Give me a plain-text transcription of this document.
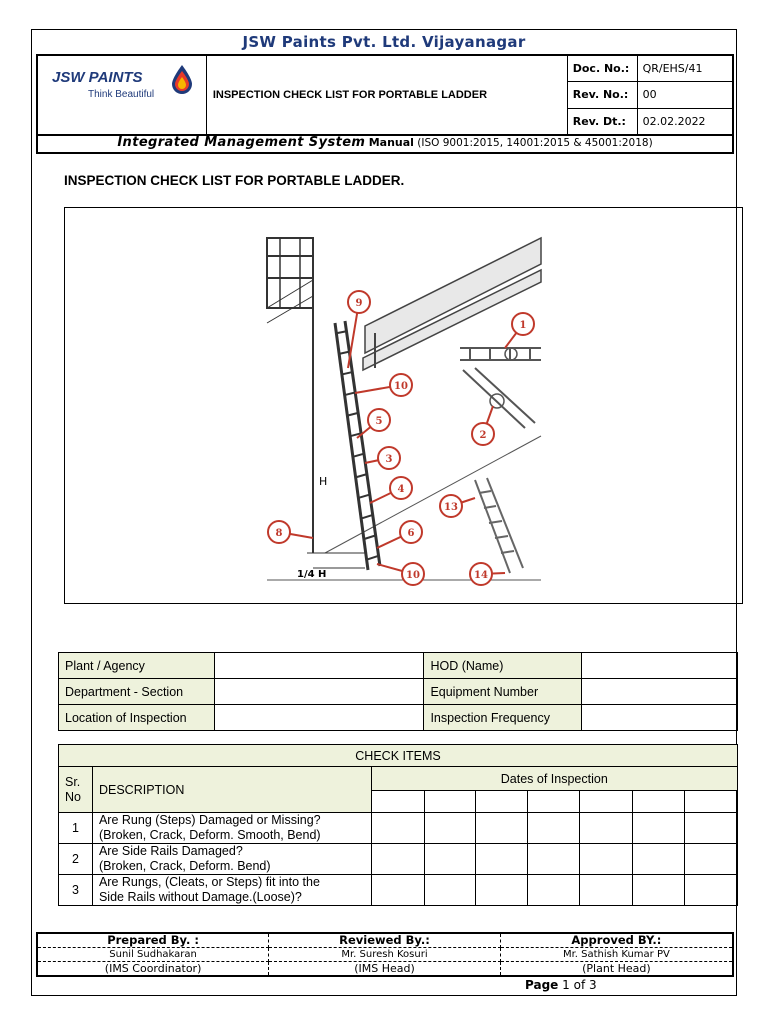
JSW Paints Pvt. Ltd. Vijayanagar
JSW PAINTS
Think Beautiful	INSPECTION CHECK LIST FOR PORTABLE LADDER	Doc. No.:	QR/EHS/41
		Rev. No.:	00
		Rev. Dt.:	02.02.2022
Integrated Management System Manual (ISO 9001:2015, 14001:2015 & 45001:2018)
INSPECTION CHECK LIST FOR PORTABLE LADDER.
H
1/4 H
1
2
3
4
5
6
8
9
10
10
13
14
Plant / Agency		HOD (Name)	
Department - Section		Equipment Number	
Location of Inspection		Inspection Frequency	
CHECK ITEMS								
Sr. No	DESCRIPTION	Dates of Inspection						

1	Are Rung (Steps) Damaged or Missing?
(Broken, Crack, Deform. Smooth, Bend)							

2	Are Side Rails Damaged?
(Broken, Crack, Deform. Bend)							

3	Are Rungs, (Cleats, or Steps) fit into the
Side Rails without Damage.(Loose)?							

Prepared By. :	Reviewed By.:	Approved BY.:
Sunil Sudhakaran	Mr. Suresh Kosuri	Mr. Sathish Kumar PV
(IMS Coordinator)	(IMS Head)	(Plant Head)
Page 1 of 3
